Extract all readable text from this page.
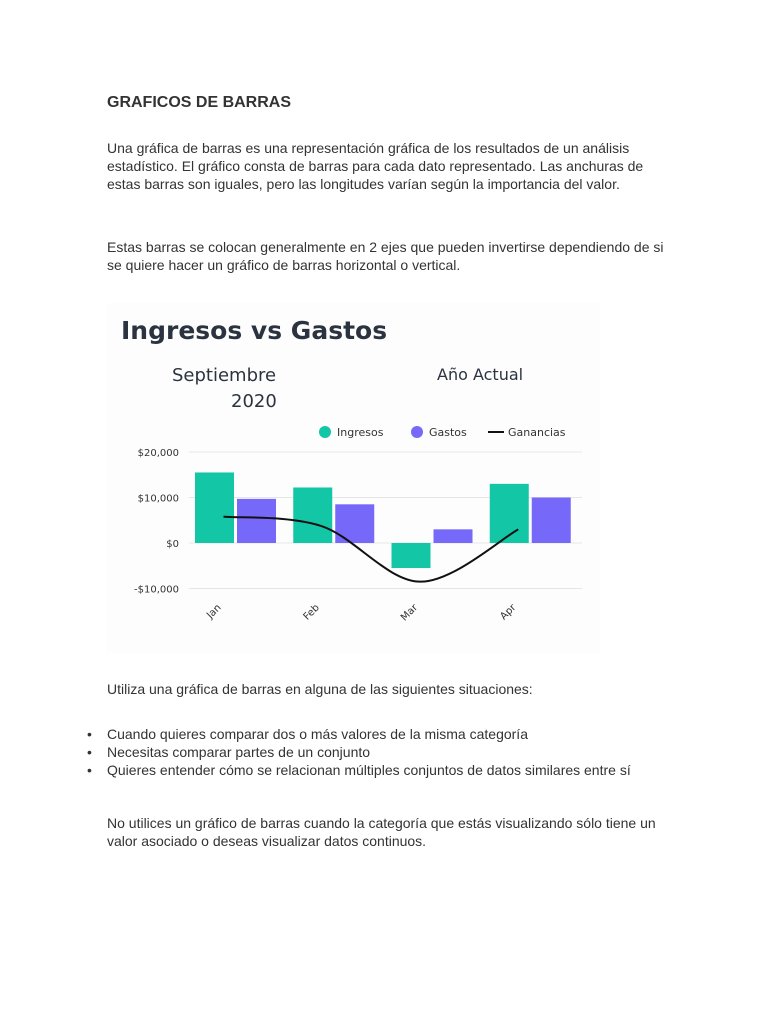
GRAFICOS DE BARRAS

Una gráfica de barras es una representación gráfica de los resultados de un análisis estadístico. El gráfico consta de barras para cada dato representado. Las anchuras de estas barras son iguales, pero las longitudes varían según la importancia del valor.

Estas barras se colocan generalmente en 2 ejes que pueden invertirse dependiendo de si se quiere hacer un gráfico de barras horizontal o vertical.

Ingresos vs Gastos
Septiembre
2020
Año Actual
Ingresos	Gastos	Ganancias
$20,000
$10,000
$0
-$10,000
Jan	Feb	Mar	Apr

Utiliza una gráfica de barras en alguna de las siguientes situaciones:

• Cuando quieres comparar dos o más valores de la misma categoría
• Necesitas comparar partes de un conjunto
• Quieres entender cómo se relacionan múltiples conjuntos de datos similares entre sí

No utilices un gráfico de barras cuando la categoría que estás visualizando sólo tiene un valor asociado o deseas visualizar datos continuos.
